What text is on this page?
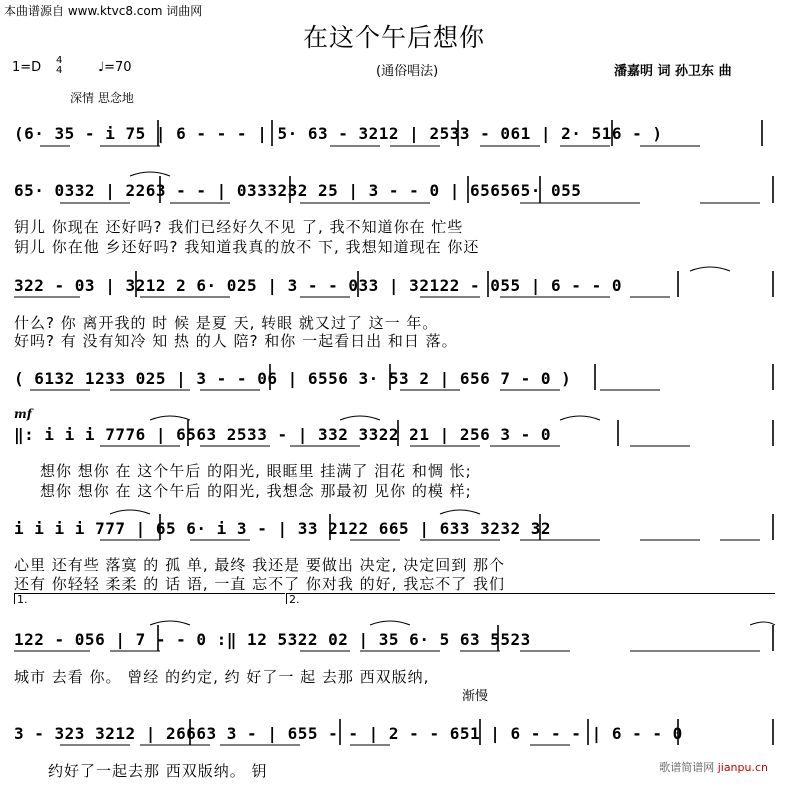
本曲谱源自 www.ktvc8.com 词曲网
在这个午后想你
1=D 4
4	♩=70	(通俗唱法)	潘嘉明 词 孙卫东 曲
深情 思念地
(6· 35 - i 75 | 6 - - - | 5· 63 - 3212 | 2533 - 061 | 2· 516 - )
65· 0332 | 2263 - - | 0333232 25 | 3 - - 0 | 656565· 055
钥儿 你现在 还好吗? 我们已经好久不见 了, 我不知道你在 忙些
钥儿 你在他 乡还好吗? 我知道我真的放不 下, 我想知道现在 你还
322 - 03 | 3212 2 6· 025 | 3 - - 033 | 32122 - 055 | 6 - - 0
什么? 你 离开我的 时 候 是夏 天, 转眼 就又过了 这一 年。
好吗? 有 没有知冷 知 热 的人 陪? 和你 一起看日出 和日 落。
( 6132 1233 025 | 3 - - 06 | 6556 3· 53 2 | 656 7 - 0 )
mf
‖: i i i 7776 | 6563 2533 - | 332 3322 21 | 256 3 - 0
想你 想你 在 这个午后 的阳光, 眼眶里 挂满了 泪花 和惆 怅;
想你 想你 在 这个午后 的阳光, 我想念 那最初 见你 的模 样;
i i i i 777 | 65 6· i 3 - | 33 2122 665 | 633 3232 32
心里 还有些 落寞 的 孤 单, 最终 我还是 要做出 决定, 决定回到 那个
还有 你轻轻 柔柔 的 话 语, 一直 忘不了 你对我 的好, 我忘不了 我们
1.	2.
122 - 056 | 7 - - 0 :‖ 12 5322 02 | 35 6· 5 63 5523
城市 去看 你。 曾经 的约定, 约 好了一 起 去那 西双版纳,
渐慢
3 - 323 3212 | 26663 3 - | 655 - - | 2 - - 651 | 6 - - - | 6 - - 0
约好了一起去那 西双版纳。 钥	歌谱简谱网 jianpu.cn
